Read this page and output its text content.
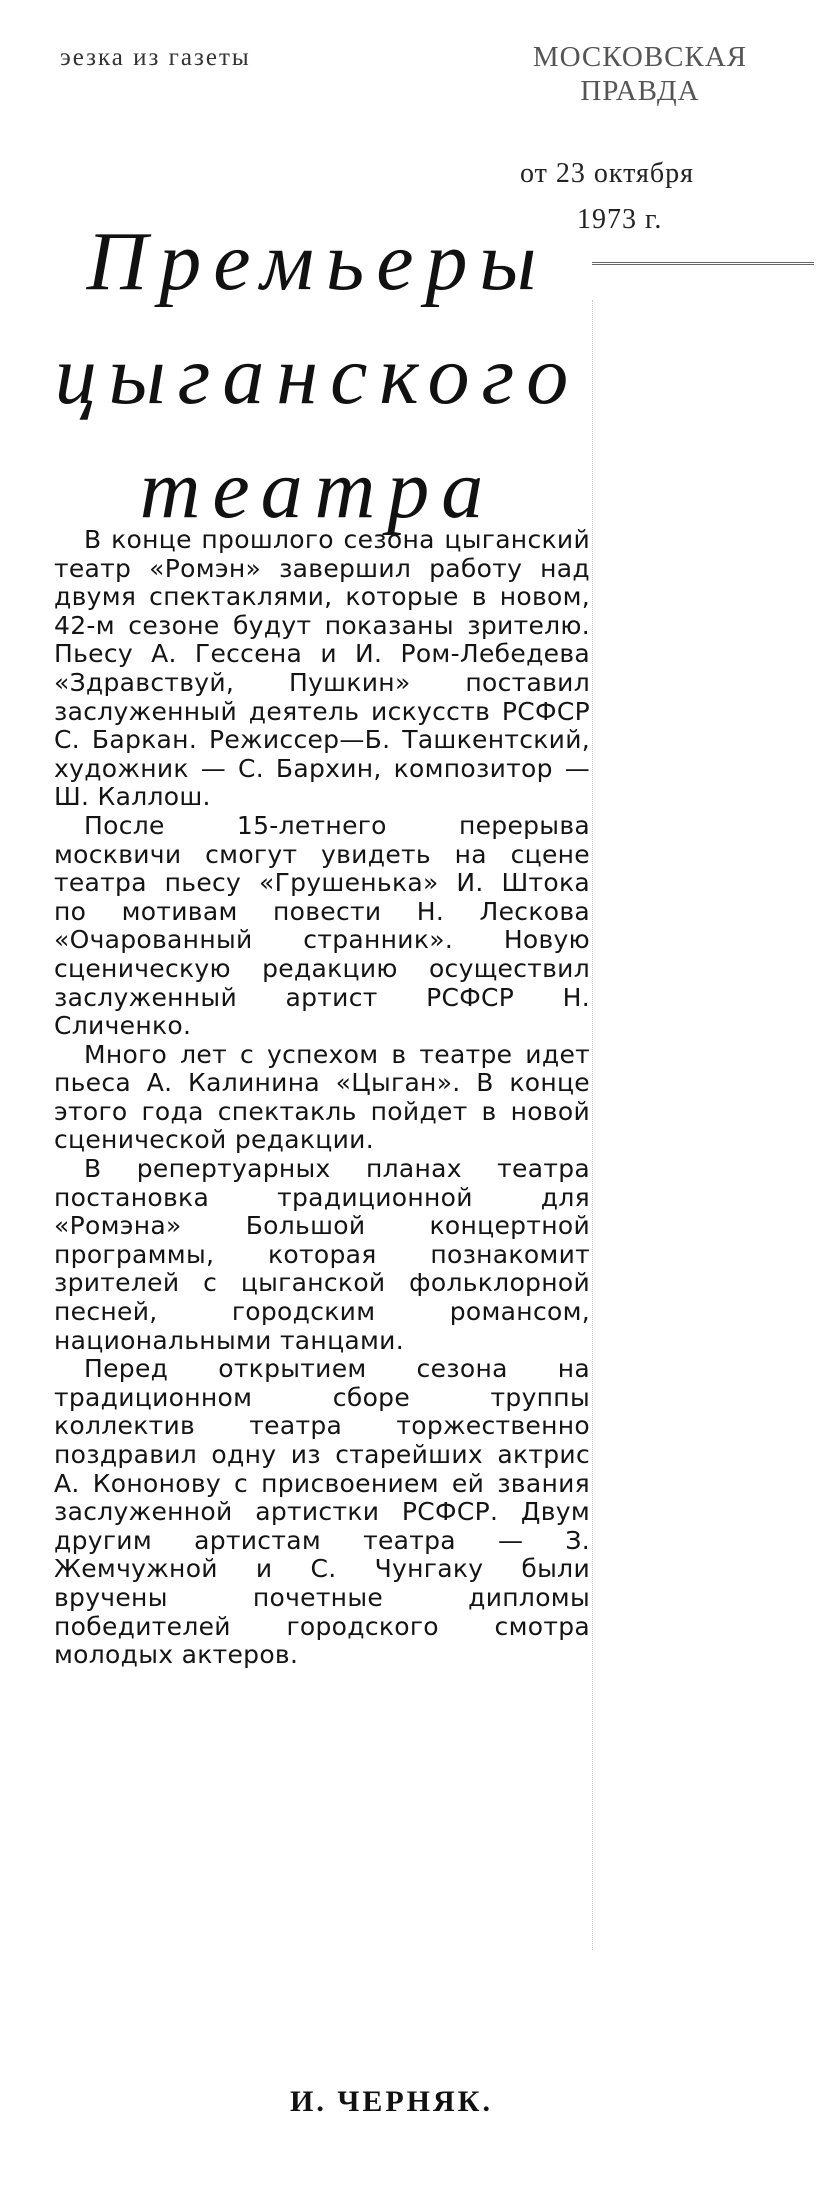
эезка из газеты	МОСКОВСКАЯ
ПРАВДА
от 23 октября
1973 г.
Премьеры
цыганского
театра

В конце прошлого сезона цыганский театр «Ромэн» завершил работу над двумя спектаклями, которые в новом, 42-м сезоне будут показаны зрителю. Пьесу А. Гессена и И. Ром-Лебедева «Здравствуй, Пушкин» поставил заслуженный деятель искусств РСФСР С. Баркан. Режиссер—Б. Ташкентский, художник — С. Бархин, композитор — Ш. Каллош.

После 15-летнего перерыва москвичи смогут увидеть на сцене театра пьесу «Грушенька» И. Штока по мотивам повести Н. Лескова «Очарованный странник». Новую сценическую редакцию осуществил заслуженный артист РСФСР Н. Сличенко.

Много лет с успехом в театре идет пьеса А. Калинина «Цыган». В конце этого года спектакль пойдет в новой сценической редакции.

В репертуарных планах театра постановка традиционной для «Ромэна» Большой концертной программы, которая познакомит зрителей с цыганской фольклорной песней, городским романсом, национальными танцами.

Перед открытием сезона на традиционном сборе труппы коллектив театра торжественно поздравил одну из старейших актрис А. Кононову с присвоением ей звания заслуженной артистки РСФСР. Двум другим артистам театра — З. Жемчужной и С. Чунгаку были вручены почетные дипломы победителей городского смотра молодых актеров.

И. ЧЕРНЯК.
